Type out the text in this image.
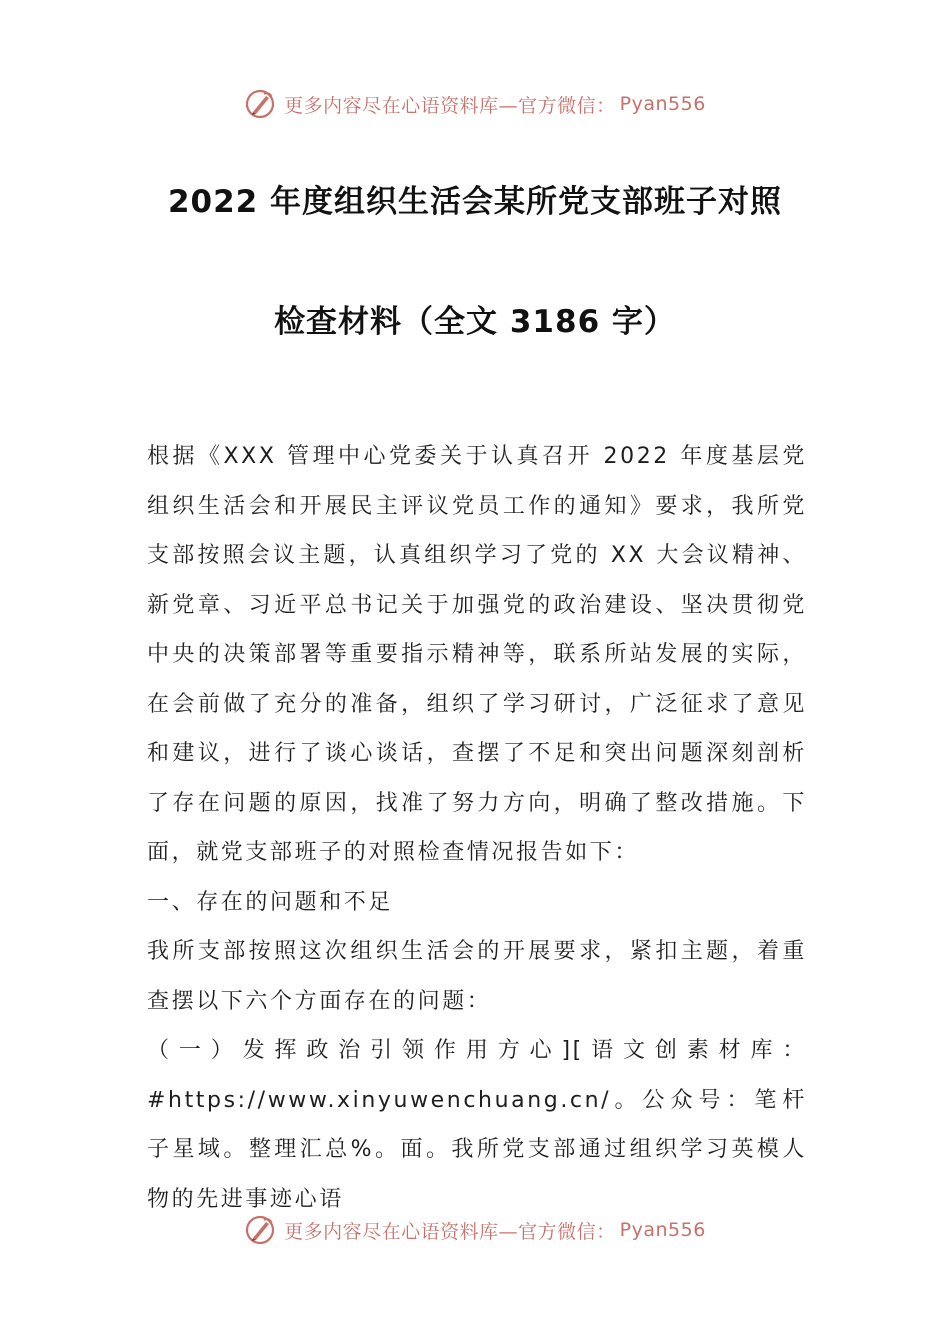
更多内容尽在心语资料库—官方微信： Pyan556
2022 年度组织生活会某所党支部班子对照
检查材料（全文 3186 字）

根据《XXX 管理中心党委关于认真召开 2022 年度基层党组织生活会和开展民主评议党员工作的通知》要求，我所党支部按照会议主题，认真组织学习了党的 XX 大会议精神、新党章、习近平总书记关于加强党的政治建设、坚决贯彻党中央的决策部署等重要指示精神等，联系所站发展的实际，在会前做了充分的准备，组织了学习研讨，广泛征求了意见和建议，进行了谈心谈话，查摆了不足和突出问题深刻剖析了存在问题的原因，找准了努力方向，明确了整改措施。下面，就党支部班子的对照检查情况报告如下：

一、存在的问题和不足

我所支部按照这次组织生活会的开展要求，紧扣主题，着重查摆以下六个方面存在的问题：

（一）发挥政治引领作用方心][语文创素材库：#https://www.xinyuwenchuang.cn/。公众号：笔杆子星域。整理汇总%。面。我所党支部通过组织学习英模人物的先进事迹心语

更多内容尽在心语资料库—官方微信： Pyan556
